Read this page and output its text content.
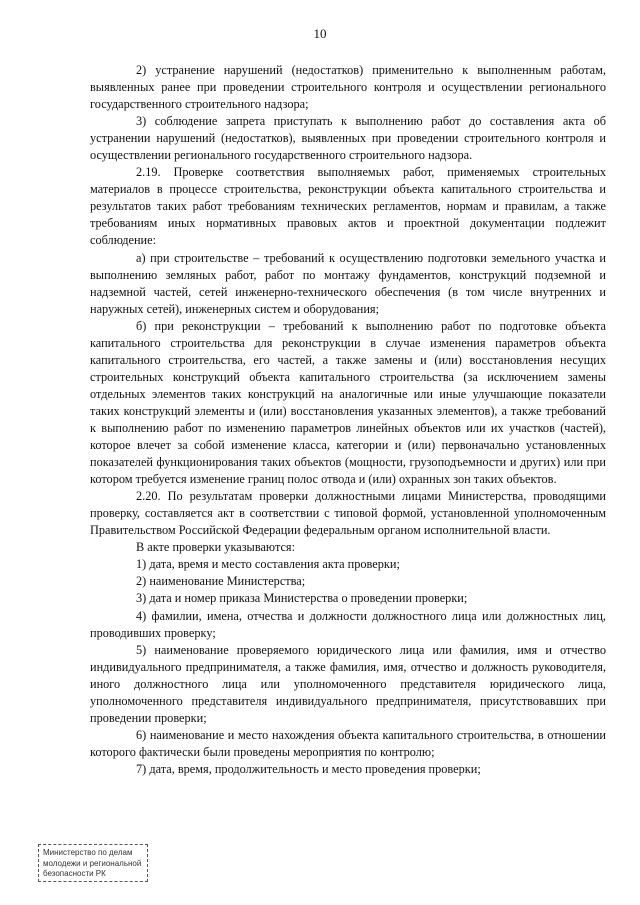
10

2) устранение нарушений (недостатков) применительно к выполненным работам, выявленных ранее при проведении строительного контроля и осуществлении регионального государственного строительного надзора;

3) соблюдение запрета приступать к выполнению работ до составления акта об устранении нарушений (недостатков), выявленных при проведении строительного контроля и осуществлении регионального государственного строительного надзора.

2.19. Проверке соответствия выполняемых работ, применяемых строительных материалов в процессе строительства, реконструкции объекта капитального строительства и результатов таких работ требованиям технических регламентов, нормам и правилам, а также требованиям иных нормативных правовых актов и проектной документации подлежит соблюдение:

а) при строительстве – требований к осуществлению подготовки земельного участка и выполнению земляных работ, работ по монтажу фундаментов, конструкций подземной и надземной частей, сетей инженерно-технического обеспечения (в том числе внутренних и наружных сетей), инженерных систем и оборудования;

б) при реконструкции – требований к выполнению работ по подготовке объекта капитального строительства для реконструкции в случае изменения параметров объекта капитального строительства, его частей, а также замены и (или) восстановления несущих строительных конструкций объекта капитального строительства (за исключением замены отдельных элементов таких конструкций на аналогичные или иные улучшающие показатели таких конструкций элементы и (или) восстановления указанных элементов), а также требований к выполнению работ по изменению параметров линейных объектов или их участков (частей), которое влечет за собой изменение класса, категории и (или) первоначально установленных показателей функционирования таких объектов (мощности, грузоподъемности и других) или при котором требуется изменение границ полос отвода и (или) охранных зон таких объектов.

2.20. По результатам проверки должностными лицами Министерства, проводящими проверку, составляется акт в соответствии с типовой формой, установленной уполномоченным Правительством Российской Федерации федеральным органом исполнительной власти.

В акте проверки указываются:

1) дата, время и место составления акта проверки;

2) наименование Министерства;

3) дата и номер приказа Министерства о проведении проверки;

4) фамилии, имена, отчества и должности должностного лица или должностных лиц, проводивших проверку;

5) наименование проверяемого юридического лица или фамилия, имя и отчество индивидуального предпринимателя, а также фамилия, имя, отчество и должность руководителя, иного должностного лица или уполномоченного представителя юридического лица, уполномоченного представителя индивидуального предпринимателя, присутствовавших при проведении проверки;

6) наименование и место нахождения объекта капитального строительства, в отношении которого фактически были проведены мероприятия по контролю;

7) дата, время, продолжительность и место проведения проверки;

Министерство по делам
молодежи и региональной
безопасности РК
